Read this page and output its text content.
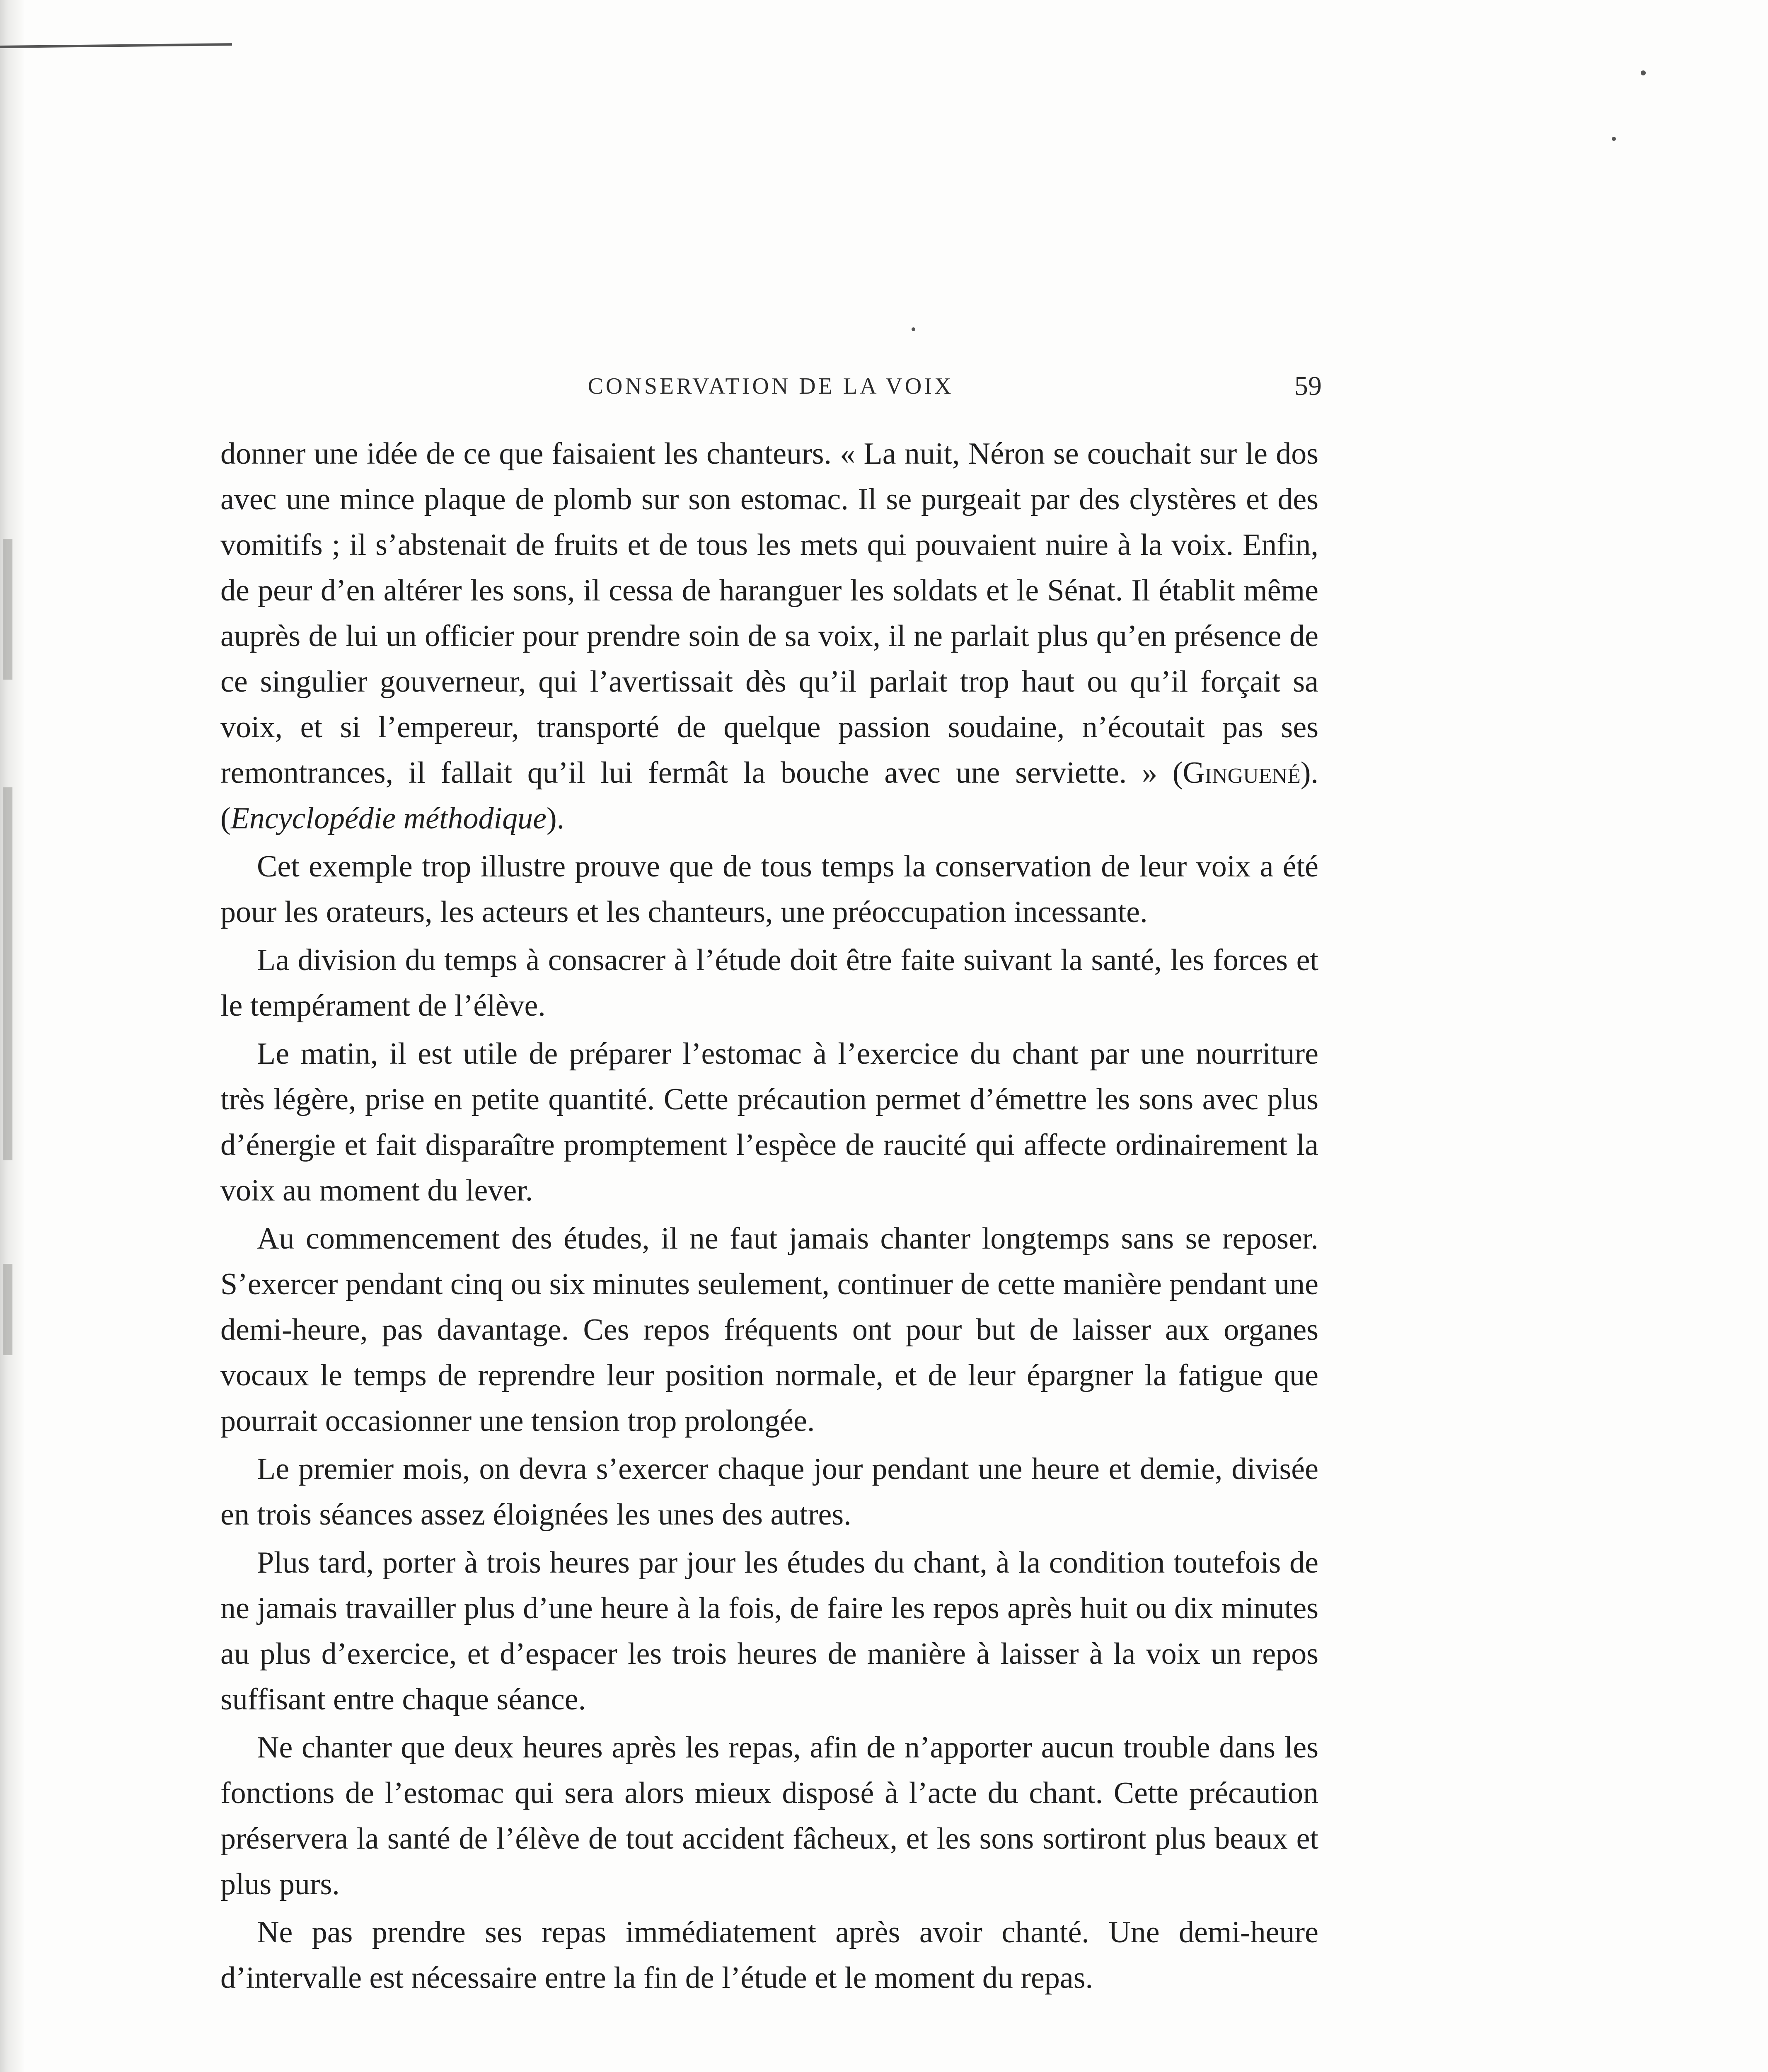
CONSERVATION DE LA VOIX	59

donner une idée de ce que faisaient les chanteurs. « La nuit, Néron se couchait sur le dos avec une mince plaque de plomb sur son estomac. Il se purgeait par des clystères et des vomitifs ; il s’abstenait de fruits et de tous les mets qui pouvaient nuire à la voix. Enfin, de peur d’en altérer les sons, il cessa de haranguer les soldats et le Sénat. Il établit même auprès de lui un officier pour prendre soin de sa voix, il ne parlait plus qu’en présence de ce singulier gouverneur, qui l’avertissait dès qu’il parlait trop haut ou qu’il forçait sa voix, et si l’empereur, transporté de quelque passion soudaine, n’écoutait pas ses remontrances, il fallait qu’il lui fermât la bouche avec une serviette. » (Ginguené). (Encyclopédie méthodique).

Cet exemple trop illustre prouve que de tous temps la conservation de leur voix a été pour les orateurs, les acteurs et les chanteurs, une préoccupation incessante.

La division du temps à consacrer à l’étude doit être faite suivant la santé, les forces et le tempérament de l’élève.

Le matin, il est utile de préparer l’estomac à l’exercice du chant par une nourriture très légère, prise en petite quantité. Cette précaution permet d’émettre les sons avec plus d’énergie et fait disparaître promptement l’espèce de raucité qui affecte ordinairement la voix au moment du lever.

Au commencement des études, il ne faut jamais chanter longtemps sans se reposer. S’exercer pendant cinq ou six minutes seulement, continuer de cette manière pendant une demi-heure, pas davantage. Ces repos fréquents ont pour but de laisser aux organes vocaux le temps de reprendre leur position normale, et de leur épargner la fatigue que pourrait occasionner une tension trop prolongée.

Le premier mois, on devra s’exercer chaque jour pendant une heure et demie, divisée en trois séances assez éloignées les unes des autres.

Plus tard, porter à trois heures par jour les études du chant, à la condition toutefois de ne jamais travailler plus d’une heure à la fois, de faire les repos après huit ou dix minutes au plus d’exercice, et d’espacer les trois heures de manière à laisser à la voix un repos suffisant entre chaque séance.

Ne chanter que deux heures après les repas, afin de n’apporter aucun trouble dans les fonctions de l’estomac qui sera alors mieux disposé à l’acte du chant. Cette précaution préservera la santé de l’élève de tout accident fâcheux, et les sons sortiront plus beaux et plus purs.

Ne pas prendre ses repas immédiatement après avoir chanté. Une demi-heure d’intervalle est nécessaire entre la fin de l’étude et le moment du repas.
